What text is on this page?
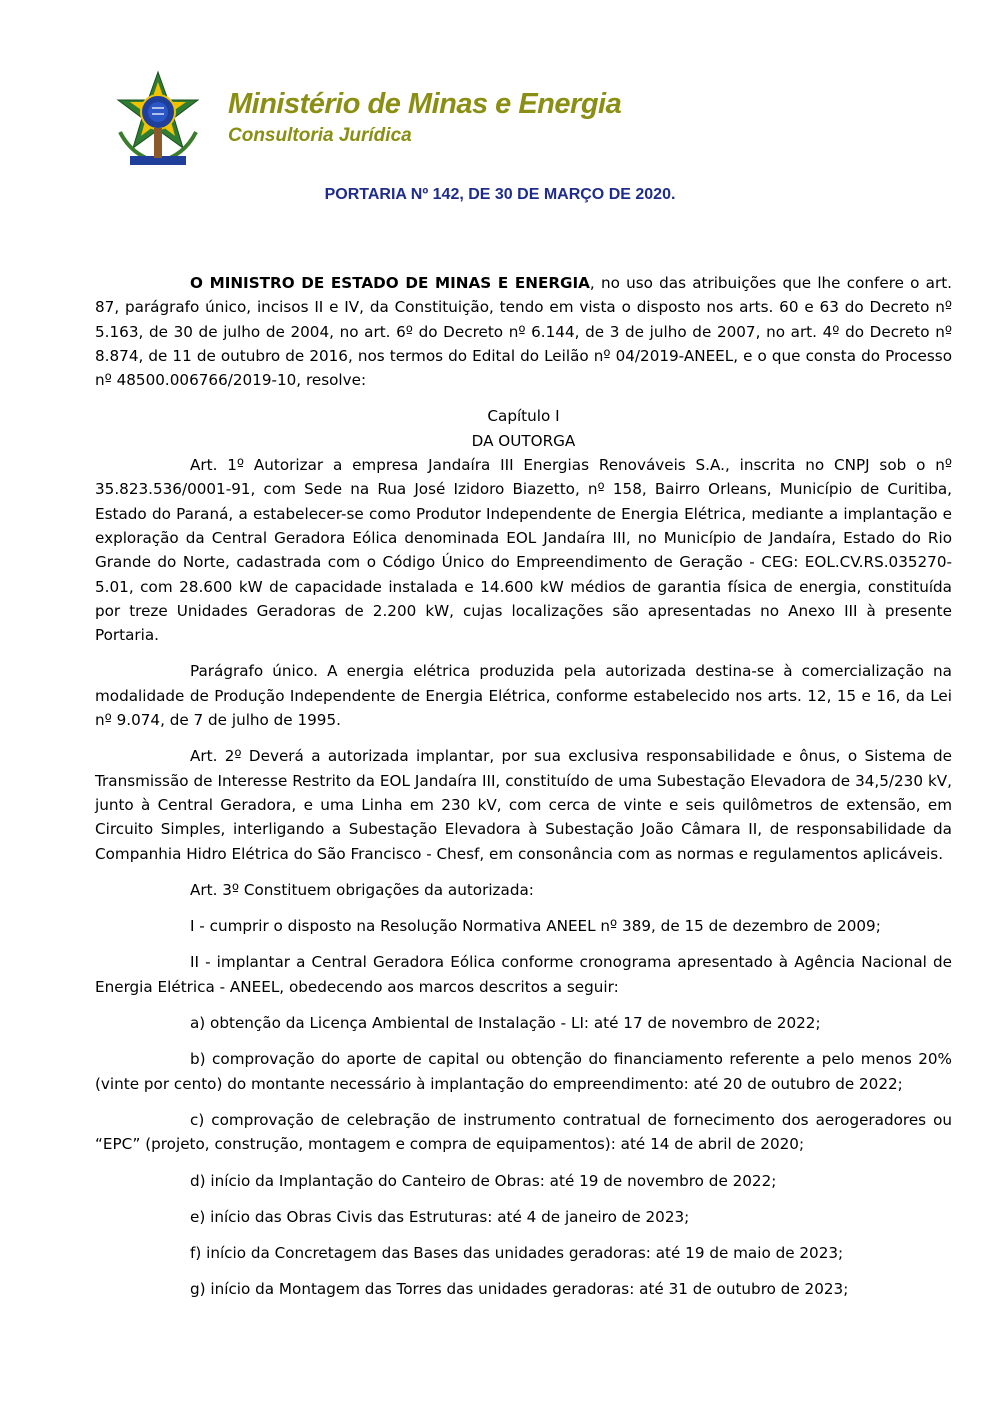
Ministério de Minas e Energia
Consultoria Jurídica
PORTARIA Nº 142, DE 30 DE MARÇO DE 2020.

O MINISTRO DE ESTADO DE MINAS E ENERGIA, no uso das atribuições que lhe confere o art. 87, parágrafo único, incisos II e IV, da Constituição, tendo em vista o disposto nos arts. 60 e 63 do Decreto nº 5.163, de 30 de julho de 2004, no art. 6º do Decreto nº 6.144, de 3 de julho de 2007, no art. 4º do Decreto nº 8.874, de 11 de outubro de 2016, nos termos do Edital do Leilão nº 04/2019-ANEEL, e o que consta do Processo nº 48500.006766/2019-10, resolve:

Capítulo I

DA OUTORGA

Art. 1º Autorizar a empresa Jandaíra III Energias Renováveis S.A., inscrita no CNPJ sob o nº 35.823.536/0001-91, com Sede na Rua José Izidoro Biazetto, nº 158, Bairro Orleans, Município de Curitiba, Estado do Paraná, a estabelecer-se como Produtor Independente de Energia Elétrica, mediante a implantação e exploração da Central Geradora Eólica denominada EOL Jandaíra III, no Município de Jandaíra, Estado do Rio Grande do Norte, cadastrada com o Código Único do Empreendimento de Geração - CEG: EOL.CV.RS.035270-5.01, com 28.600 kW de capacidade instalada e 14.600 kW médios de garantia física de energia, constituída por treze Unidades Geradoras de 2.200 kW, cujas localizações são apresentadas no Anexo III à presente Portaria.

Parágrafo único. A energia elétrica produzida pela autorizada destina-se à comercialização na modalidade de Produção Independente de Energia Elétrica, conforme estabelecido nos arts. 12, 15 e 16, da Lei nº 9.074, de 7 de julho de 1995.

Art. 2º Deverá a autorizada implantar, por sua exclusiva responsabilidade e ônus, o Sistema de Transmissão de Interesse Restrito da EOL Jandaíra III, constituído de uma Subestação Elevadora de 34,5/230 kV, junto à Central Geradora, e uma Linha em 230 kV, com cerca de vinte e seis quilômetros de extensão, em Circuito Simples, interligando a Subestação Elevadora à Subestação João Câmara II, de responsabilidade da Companhia Hidro Elétrica do São Francisco - Chesf, em consonância com as normas e regulamentos aplicáveis.

Art. 3º Constituem obrigações da autorizada:

I - cumprir o disposto na Resolução Normativa ANEEL nº 389, de 15 de dezembro de 2009;

II - implantar a Central Geradora Eólica conforme cronograma apresentado à Agência Nacional de Energia Elétrica - ANEEL, obedecendo aos marcos descritos a seguir:

a) obtenção da Licença Ambiental de Instalação - LI: até 17 de novembro de 2022;

b) comprovação do aporte de capital ou obtenção do financiamento referente a pelo menos 20% (vinte por cento) do montante necessário à implantação do empreendimento: até 20 de outubro de 2022;

c) comprovação de celebração de instrumento contratual de fornecimento dos aerogeradores ou “EPC” (projeto, construção, montagem e compra de equipamentos): até 14 de abril de 2020;

d) início da Implantação do Canteiro de Obras: até 19 de novembro de 2022;

e) início das Obras Civis das Estruturas: até 4 de janeiro de 2023;

f) início da Concretagem das Bases das unidades geradoras: até 19 de maio de 2023;

g) início da Montagem das Torres das unidades geradoras: até 31 de outubro de 2023;
